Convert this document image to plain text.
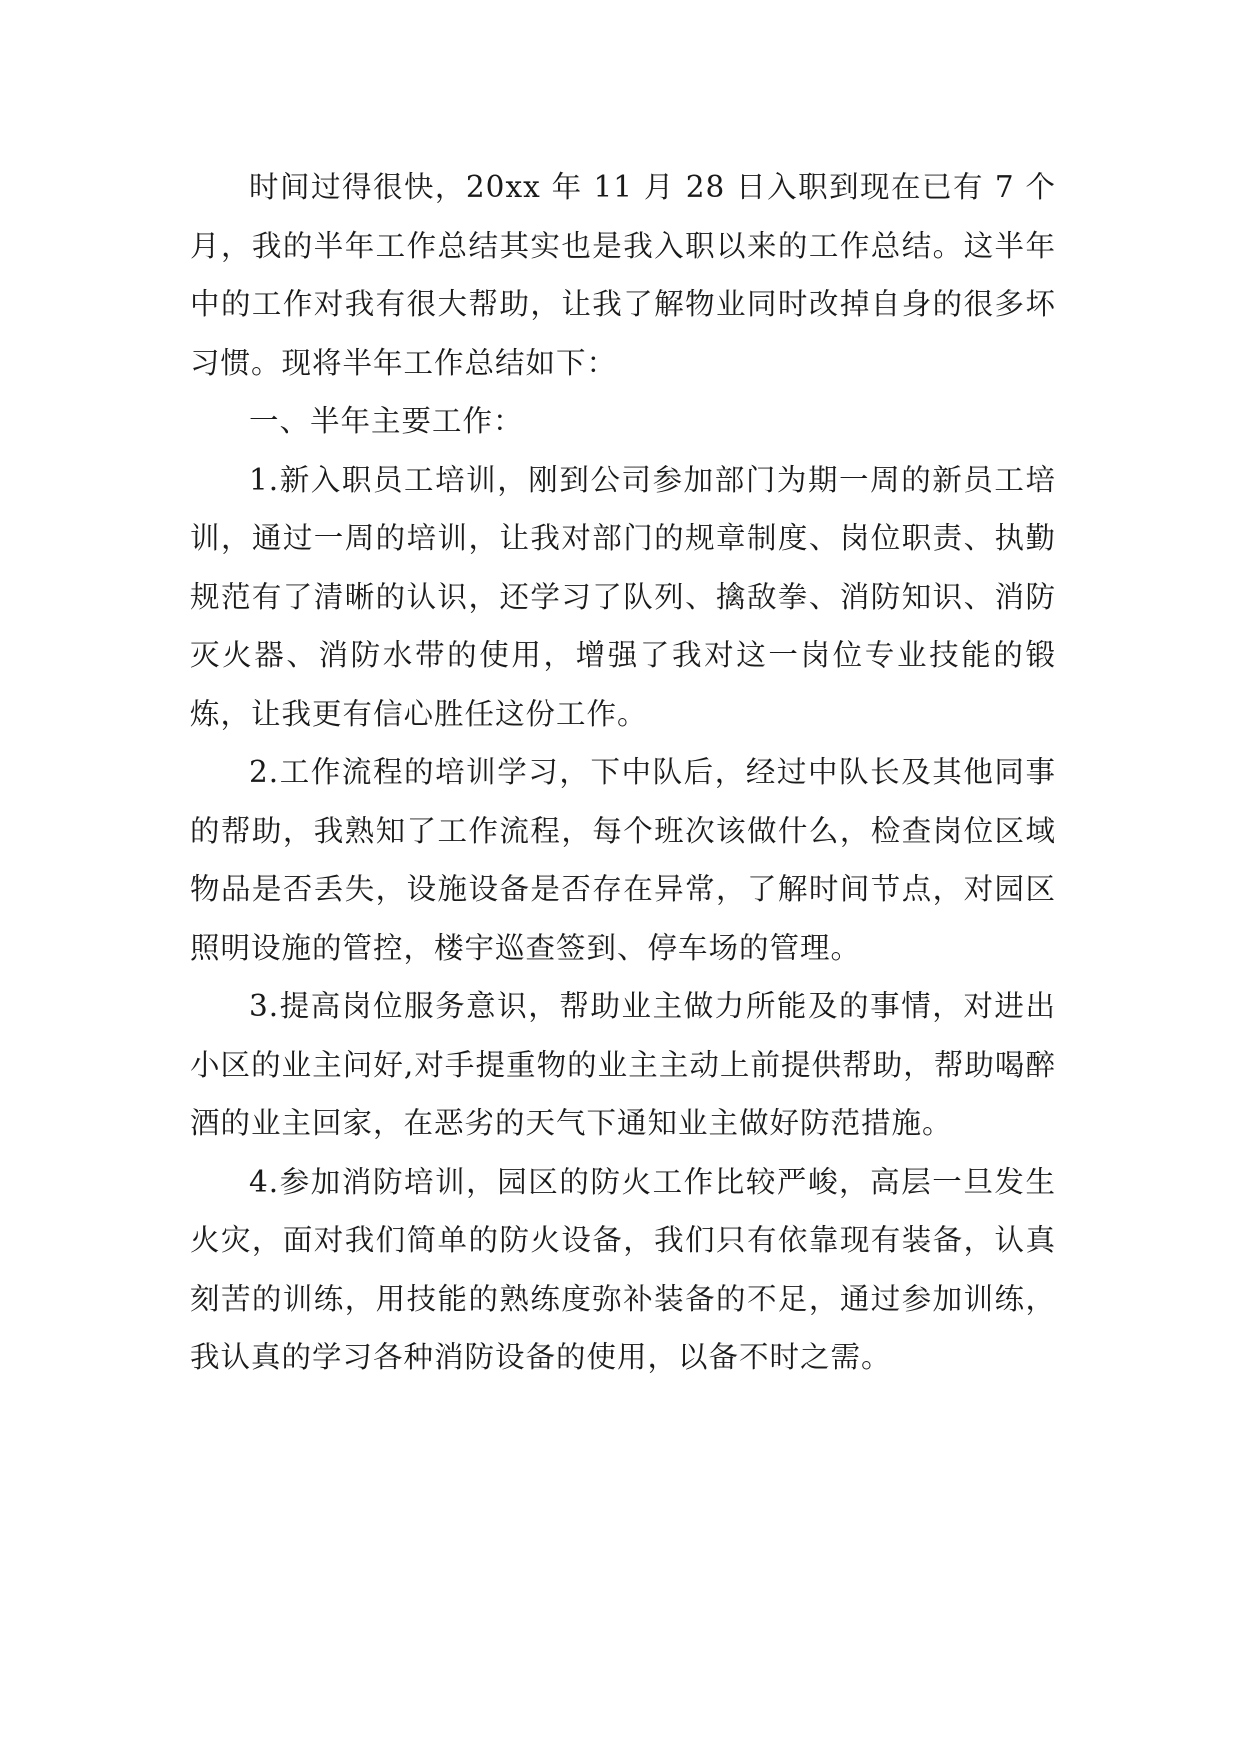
时间过得很快，20xx 年 11 月 28 日入职到现在已有 7 个月，我的半年工作总结其实也是我入职以来的工作总结。这半年中的工作对我有很大帮助，让我了解物业同时改掉自身的很多坏习惯。现将半年工作总结如下：

一、半年主要工作：

1.新入职员工培训，刚到公司参加部门为期一周的新员工培训，通过一周的培训，让我对部门的规章制度、岗位职责、执勤规范有了清晰的认识，还学习了队列、擒敌拳、消防知识、消防灭火器、消防水带的使用，增强了我对这一岗位专业技能的锻炼，让我更有信心胜任这份工作。

2.工作流程的培训学习，下中队后，经过中队长及其他同事的帮助，我熟知了工作流程，每个班次该做什么，检查岗位区域物品是否丢失，设施设备是否存在异常，了解时间节点，对园区照明设施的管控，楼宇巡查签到、停车场的管理。

3.提高岗位服务意识，帮助业主做力所能及的事情，对进出小区的业主问好,对手提重物的业主主动上前提供帮助，帮助喝醉酒的业主回家，在恶劣的天气下通知业主做好防范措施。

4.参加消防培训，园区的防火工作比较严峻，高层一旦发生火灾，面对我们简单的防火设备，我们只有依靠现有装备，认真刻苦的训练，用技能的熟练度弥补装备的不足，通过参加训练，我认真的学习各种消防设备的使用，以备不时之需。
